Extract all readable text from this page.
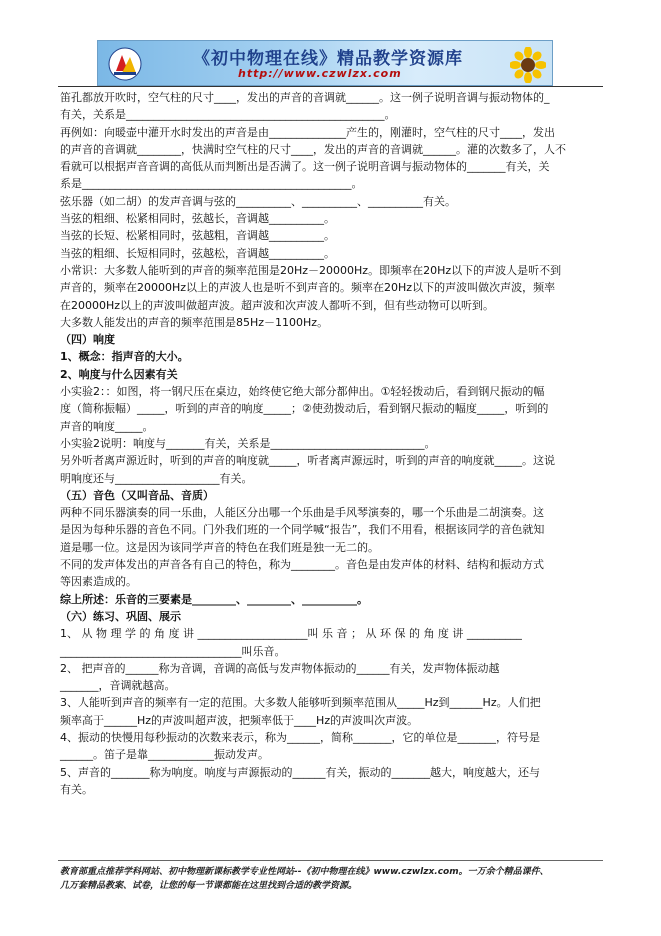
《初中物理在线》精品教学资源库
http://www.czwlzx.com

笛孔都放开吹时，空气柱的尺寸____，发出的声音的音调就______。这一例子说明音调与振动物体的_

有关，关系是_______________________________________________。

再例如：向暖壶中灌开水时发出的声音是由______________产生的，刚灌时，空气柱的尺寸____，发出

的声音的音调就________，快满时空气柱的尺寸____，发出的声音的音调就______。灌的次数多了，人不

看就可以根据声音音调的高低从而判断出是否满了。这一例子说明音调与振动物体的_______有关，关

系是_________________________________________________。

弦乐器（如二胡）的发声音调与弦的__________、__________、__________有关。

当弦的粗细、松紧相同时，弦越长，音调越__________。

当弦的长短、松紧相同时，弦越粗，音调越__________。

当弦的粗细、长短相同时，弦越松，音调越__________。

小常识：大多数人能听到的声音的频率范围是20Hz－20000Hz。即频率在20Hz以下的声波人是听不到

声音的，频率在20000Hz以上的声波人也是听不到声音的。频率在20Hz以下的声波叫做次声波，频率

在20000Hz以上的声波叫做超声波。超声波和次声波人都听不到，但有些动物可以听到。

大多数人能发出的声音的频率范围是85Hz－1100Hz。

（四）响度

1、概念：指声音的大小。

2、响度与什么因素有关

小实验2：：如图，将一钢尺压在桌边，始终使它绝大部分都伸出。①轻轻拨动后，看到钢尺振动的幅

度（简称振幅）_____，听到的声音的响度_____；②使劲拨动后，看到钢尺振动的幅度_____，听到的

声音的响度_____。

小实验2说明：响度与_______有关，关系是____________________________。

另外听者离声源近时，听到的声音的响度就_____，听者离声源远时，听到的声音的响度就_____。这说

明响度还与___________________有关。

（五）音色（又叫音品、音质）

两种不同乐器演奏的同一乐曲，人能区分出哪一个乐曲是手风琴演奏的，哪一个乐曲是二胡演奏。这

是因为每种乐器的音色不同。门外我们班的一个同学喊“报告”，我们不用看，根据该同学的音色就知

道是哪一位。这是因为该同学声音的特色在我们班是独一无二的。

不同的发声体发出的声音各有自己的特色，称为________。音色是由发声体的材料、结构和振动方式

等因素造成的。

综上所述：乐音的三要素是________、________、__________。

（六）练习、巩固、展示

1、 从 物 理 学 的 角 度 讲 ____________________叫 乐 音 ； 从 环 保 的 角 度 讲 __________

_________________________________叫乐音。

2、 把声音的______称为音调，音调的高低与发声物体振动的______有关，发声物体振动越

_______，音调就越高。

3、人能听到声音的频率有一定的范围。大多数人能够听到频率范围从_____Hz到______Hz。人们把

频率高于______Hz的声波叫超声波，把频率低于____Hz的声波叫次声波。

4、振动的快慢用每秒振动的次数来表示，称为______，简称_______，它的单位是_______，符号是

______。笛子是靠____________振动发声。

5、声音的_______称为响度。响度与声源振动的______有关，振动的_______越大，响度越大，还与

有关。

教育部重点推荐学科网站、初中物理新课标教学专业性网站--《初中物理在线》www.czwlzx.com。一万余个精品课件、

几万套精品教案、试卷，让您的每一节课都能在这里找到合适的教学资源。
